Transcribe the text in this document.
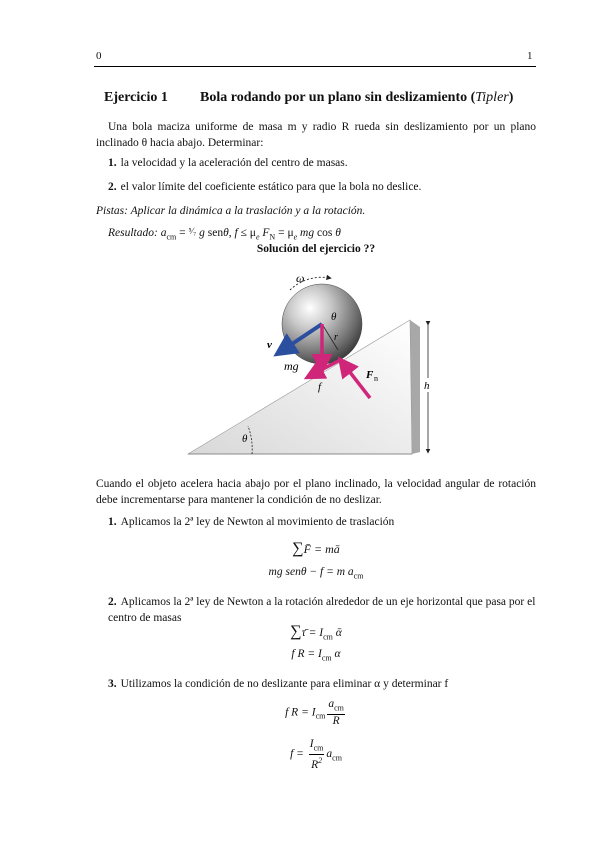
0	1
Ejercicio 1 Bola rodando por un plano sin deslizamiento (Tipler)
Una bola maciza uniforme de masa m y radio R rueda sin deslizamiento por un plano inclinado θ hacia abajo. Determinar:
1. la velocidad y la aceleración del centro de masas.
2. el valor límite del coeficiente estático para que la bola no deslice.
Pistas: Aplicar la dinámica a la traslación y a la rotación.
Resultado: $a_{cm}$ = ⁵⁄₇ g senθ, $f \le \mu_e$ $F_N = \mu_e$ mg cos θ
Solución del ejercicio ??
θ
h
ω
θ
r
v
mg
f
F n
Cuando el objeto acelera hacia abajo por el plano inclinado, la velocidad angular de rotación debe incrementarse para mantener la condición de no deslizar.
1. Aplicamos la 2ª ley de Newton al movimiento de traslación
∑F̄ = mā
mg senθ − f = m $a_{cm}$
2. Aplicamos la 2ª ley de Newton a la rotación alrededor de un eje horizontal que pasa por el centro de masas
∑τ̄ = $I_{cm}$ ᾱ
f $R = I_{cm}$ α
3. Utilizamos la condición de no deslizante para eliminar α y determinar f
f $R = I_{cm} \frac{a_{cm}}{R}$
$f = \frac{I_{cm}}{R^2} a_{cm}$
